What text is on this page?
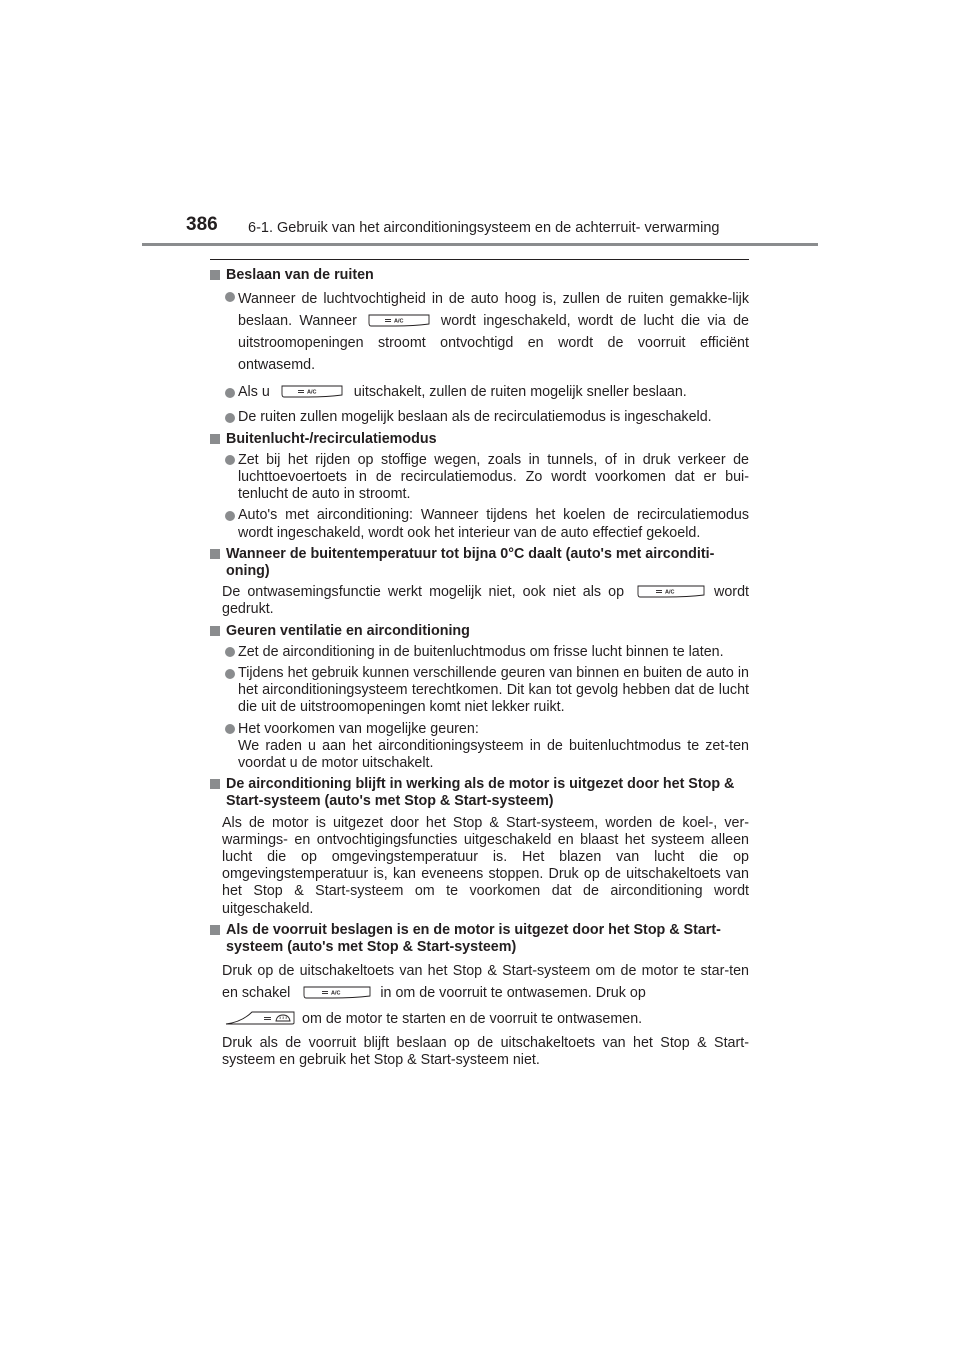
386 6-1. Gebruik van het airconditioningsysteem en de achterruit- verwarming
Beslaan van de ruiten
Wanneer de luchtvochtigheid in de auto hoog is, zullen de ruiten gemakke-lijk beslaan. Wanneer	A/C	wordt ingeschakeld, wordt de lucht die via de uitstroomopeningen stroomt ontvochtigd en wordt de voorruit efficiënt ontwasemd.
Als u	A/C	uitschakelt, zullen de ruiten mogelijk sneller beslaan.
De ruiten zullen mogelijk beslaan als de recirculatiemodus is ingeschakeld.
Buitenlucht-/recirculatiemodus
Zet bij het rijden op stoffige wegen, zoals in tunnels, of in druk verkeer de luchttoevoertoets in de recirculatiemodus. Zo wordt voorkomen dat er bui-tenlucht de auto in stroomt.
Auto's met airconditioning: Wanneer tijdens het koelen de recirculatiemodus wordt ingeschakeld, wordt ook het interieur van de auto effectief gekoeld.
Wanneer de buitentemperatuur tot bijna 0°C daalt (auto's met airconditi-oning)
De ontwasemingsfunctie werkt mogelijk niet, ook niet als op	A/C	wordt gedrukt.
Geuren ventilatie en airconditioning
Zet de airconditioning in de buitenluchtmodus om frisse lucht binnen te laten.
Tijdens het gebruik kunnen verschillende geuren van binnen en buiten de auto in het airconditioningsysteem terechtkomen. Dit kan tot gevolg hebben dat de lucht die uit de uitstroomopeningen komt niet lekker ruikt.
Het voorkomen van mogelijke geuren:
We raden u aan het airconditioningsysteem in de buitenluchtmodus te zet-ten voordat u de motor uitschakelt.
De airconditioning blijft in werking als de motor is uitgezet door het Stop & Start-systeem (auto's met Stop & Start-systeem)
Als de motor is uitgezet door het Stop & Start-systeem, worden de koel-, ver-warmings- en ontvochtigingsfuncties uitgeschakeld en blaast het systeem alleen lucht die op omgevingstemperatuur is. Het blazen van lucht die op omgevingstemperatuur is, kan eveneens stoppen. Druk op de uitschakeltoets van het Stop & Start-systeem om te voorkomen dat de airconditioning wordt uitgeschakeld.
Als de voorruit beslagen is en de motor is uitgezet door het Stop & Start-systeem (auto's met Stop & Start-systeem)
Druk op de uitschakeltoets van het Stop & Start-systeem om de motor te star-ten en schakel	A/C	in om de voorruit te ontwasemen. Druk op
om de motor te starten en de voorruit te ontwasemen.
Druk als de voorruit blijft beslaan op de uitschakeltoets van het Stop & Start-systeem en gebruik het Stop & Start-systeem niet.
